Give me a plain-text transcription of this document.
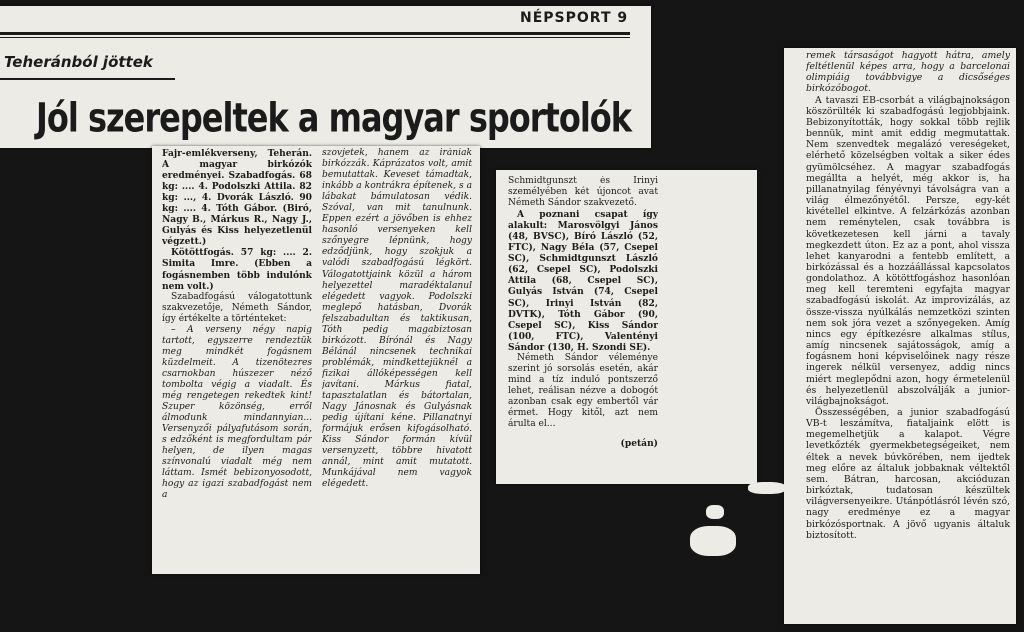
NÉPSPORT 9
Teheránból jöttek
Jól szerepeltek a magyar sportolók

Fajr-emlékverseny, Teherán. A magyar birkózók eredményei. Szabadfogás. 68 kg: .... 4. Podolszki Attila. 82 kg: ..., 4. Dvorák László. 90 kg: .... 4. Tóth Gábor. (Biró, Nagy B., Márkus R., Nagy J., Gulyás és Kiss helyezetlenül végzett.)

Kötöttfogás. 57 kg: .... 2. Simita Imre. (Ebben a fogásnemben több indulónk nem volt.)

Szabadfogású válogatottunk szakvezetője, Németh Sándor, így értékelte a történteket:

– A verseny négy napig tartott, egyszerre rendeztük meg mindkét fogásnem küzdelmeit. A tizenötezres csarnokban húszezer néző tombolta végig a viadalt. És még rengetegen rekedtek kint! Szuper közönség, erről álmodunk mindannyian... Versenyzői pályafutásom során, s edzőként is megfordultam pár helyen, de ilyen magas színvonalú viadalt még nem láttam. Ismét bebizonyosodott, hogy az igazi szabadfogást nem a

szovjetek, hanem az irániak birkózzák. Káprázatos volt, amit bemutattak. Keveset támadtak, inkább a kontrákra építenek, s a lábakat bámulatosan védik. Szóval, van mit tanulnunk. Eppen ezért a jövőben is ehhez hasonló versenyeken kell szőnyegre lépnünk, hogy edződjünk, hogy szokjuk a valódi szabadfogású légkört. Válogatottjaink közül a három helyezettel maradéktalanul elégedett vagyok. Podolszki meglepő hatásban, Dvorák felszabadultan és taktikusan, Tóth pedig magabiztosan birkózott. Bírónál és Nagy Bélánál nincsenek technikai problémák, mindkettejüknél a fizikai állóképességen kell javítani. Márkus fiatal, tapasztalatlan és bátortalan, Nagy Jánosnak és Gulyásnak pedig újítani kéne. Pillanatnyi formájuk erősen kifogásolható. Kiss Sándor formán kívül versenyzett, többre hivatott annál, mint amit mutatott. Munkájával nem vagyok elégedett.

Schmidtgunszt és Irinyi személyében két újoncot avat Németh Sándor szakvezető.

A poznani csapat így alakult: Marosvölgyi János (48, BVSC), Bíró László (52, FTC), Nagy Béla (57, Csepel SC), Schmidtgunszt László (62, Csepel SC), Podolszki Attila (68, Csepel SC), Gulyás István (74, Csepel SC), Irinyi István (82, DVTK), Tóth Gábor (90, Csepel SC), Kiss Sándor (100, FTC), Valentényi Sándor (130, H. Szondi SE).

Németh Sándor véleménye szerint jó sorsolás esetén, akár mind a tíz induló pontszerző lehet, reálisan nézve a dobogót azonban csak egy embertől vár érmet. Hogy kitől, azt nem árulta el...

(petán)

remek társaságot hagyott hátra, amely feltétlenül képes arra, hogy a barcelonai olimpiáig továbbvigye a dicsőséges birkózóbogot.

A tavaszi EB-csorbát a világbajnokságon köszörülték ki szabadfogású legjobbjaink. Bebizonyították, hogy sokkal több rejlik bennük, mint amit eddig megmutattak. Nem szenvedtek megalázó vereségeket, elérhető közelségben voltak a siker édes gyümölcséhez. A magyar szabadfogás megállta a helyét, még akkor is, ha pillanatnyilag fényévnyi távolságra van a világ élmezőnyétől. Persze, egy-két kivétellel elkintve. A felzárkózás azonban nem reménytelen, csak továbbra is következetesen kell járni a tavaly megkezdett úton. Ez az a pont, ahol vissza lehet kanyarodni a fentebb említett, a birkózással és a hozzáállással kapcsolatos gondolathoz. A kötöttfogáshoz hasonlóan meg kell teremteni egyfajta magyar szabadfogású iskolát. Az improvizálás, az össze-vissza nyúlkálás nemzetközi szinten nem sok jóra vezet a szőnyegeken. Amíg nincs egy építkezésre alkalmas stílus, amíg nincsenek sajátosságok, amíg a fogásnem honi képviselőinek nagy része ingerek nélkül versenyez, addig nincs miért meglepődni azon, hogy érmetelenül és helyezetlenül abszolválják a junior-világbajnokságot.

Összességében, a junior szabadfogású VB-t leszámítva, fiataljaink elött is megemelhetjük a kalapot. Végre levetkőzték gyermekbetegségeiket, nem éltek a nevek búvkörében, nem ijedtek meg előre az általuk jobbaknak véltektől sem. Bátran, harcosan, akcióduzan birkóztak, tudatosan készültek világversenyeikre. Utánpótlásról lévén szó, nagy eredménye ez a magyar birkózósportnak. A jövő ugyanis általuk biztosított.
